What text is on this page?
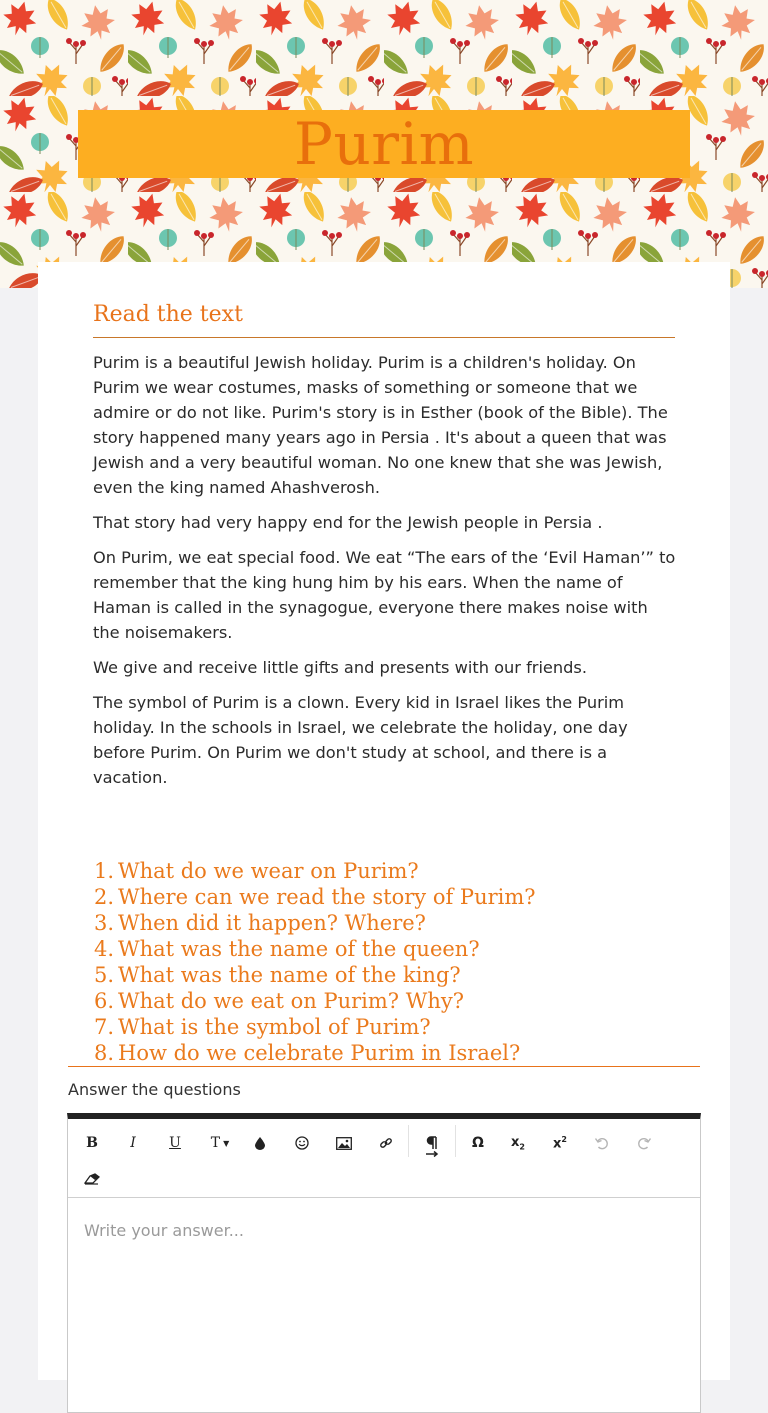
Purim
Read the text

Purim is a beautiful Jewish holiday. Purim is a children's holiday. On Purim we wear costumes, masks of something or someone that we admire or do not like. Purim's story is in Esther (book of the Bible). The story happened many years ago in Persia . It's about a queen that was Jewish and a very beautiful woman. No one knew that she was Jewish, even the king named Ahashverosh.

That story had very happy end for the Jewish people in Persia .

On Purim, we eat special food. We eat “The ears of the ‘Evil Haman’” to remember that the king hung him by his ears. When the name of Haman is called in the synagogue, everyone there makes noise with the noisemakers.

We give and receive little gifts and presents with our friends.

The symbol of Purim is a clown. Every kid in Israel likes the Purim holiday. In the schools in Israel, we celebrate the holiday, one day before Purim. On Purim we don't study at school, and there is a vacation.

1. What do we wear on Purim?
2. Where can we read the story of Purim?
3. When did it happen? Where?
4. What was the name of the queen?
5. What was the name of the king?
6. What do we eat on Purim? Why?
7. What is the symbol of Purim?
8. How do we celebrate Purim in Israel?
Answer the questions
B I U T ▼	Ω $x_2$ $x^2$
Write your answer...
